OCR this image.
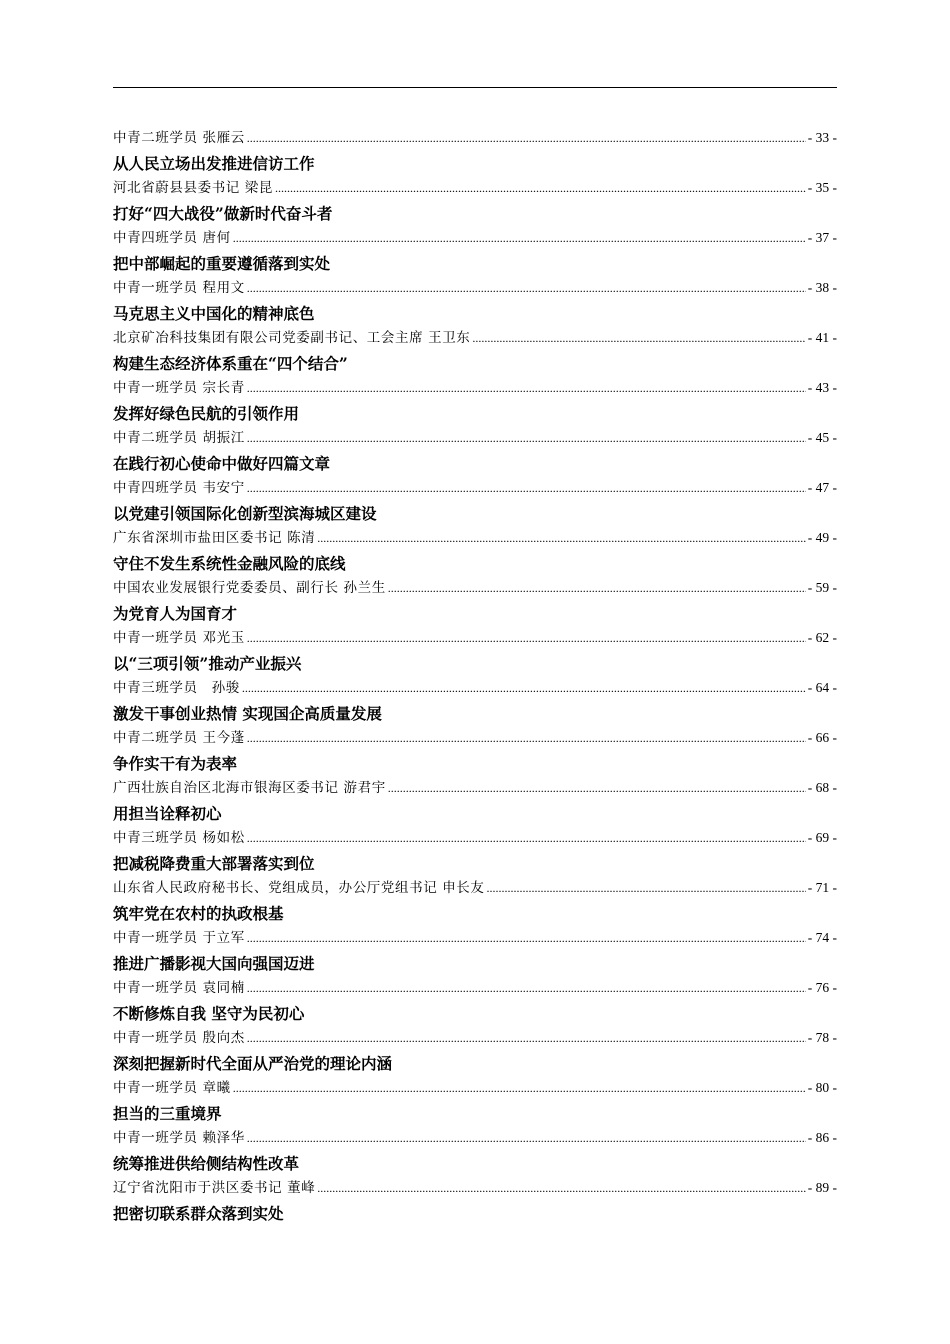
中青二班学员 张雁云 .....	- 33 -
从人民立场出发推进信访工作
河北省蔚县县委书记 梁昆 .....	- 35 -
打好“四大战役”做新时代奋斗者
中青四班学员 唐何 .....	- 37 -
把中部崛起的重要遵循落到实处
中青一班学员 程用文 .....	- 38 -
马克思主义中国化的精神底色
北京矿冶科技集团有限公司党委副书记、工会主席 王卫东 .....	- 41 -
构建生态经济体系重在“四个结合”
中青一班学员 宗长青 .....	- 43 -
发挥好绿色民航的引领作用
中青二班学员 胡振江 .....	- 45 -
在践行初心使命中做好四篇文章
中青四班学员 韦安宁 .....	- 47 -
以党建引领国际化创新型滨海城区建设
广东省深圳市盐田区委书记 陈清 .....	- 49 -
守住不发生系统性金融风险的底线
中国农业发展银行党委委员、副行长 孙兰生 .....	- 59 -
为党育人为国育才
中青一班学员 邓光玉 .....	- 62 -
以“三项引领”推动产业振兴
中青三班学员　孙骏 .....	- 64 -
激发干事创业热情 实现国企高质量发展
中青二班学员 王今蓬 .....	- 66 -
争作实干有为表率
广西壮族自治区北海市银海区委书记 游君宇 .....	- 68 -
用担当诠释初心
中青三班学员 杨如松 .....	- 69 -
把减税降费重大部署落实到位
山东省人民政府秘书长、党组成员，办公厅党组书记 申长友 .....	- 71 -
筑牢党在农村的执政根基
中青一班学员 于立军 .....	- 74 -
推进广播影视大国向强国迈进
中青一班学员 袁同楠 .....	- 76 -
不断修炼自我 坚守为民初心
中青一班学员 殷向杰 .....	- 78 -
深刻把握新时代全面从严治党的理论内涵
中青一班学员 章曦 .....	- 80 -
担当的三重境界
中青一班学员 赖泽华 .....	- 86 -
统筹推进供给侧结构性改革
辽宁省沈阳市于洪区委书记 董峰 .....	- 89 -
把密切联系群众落到实处
